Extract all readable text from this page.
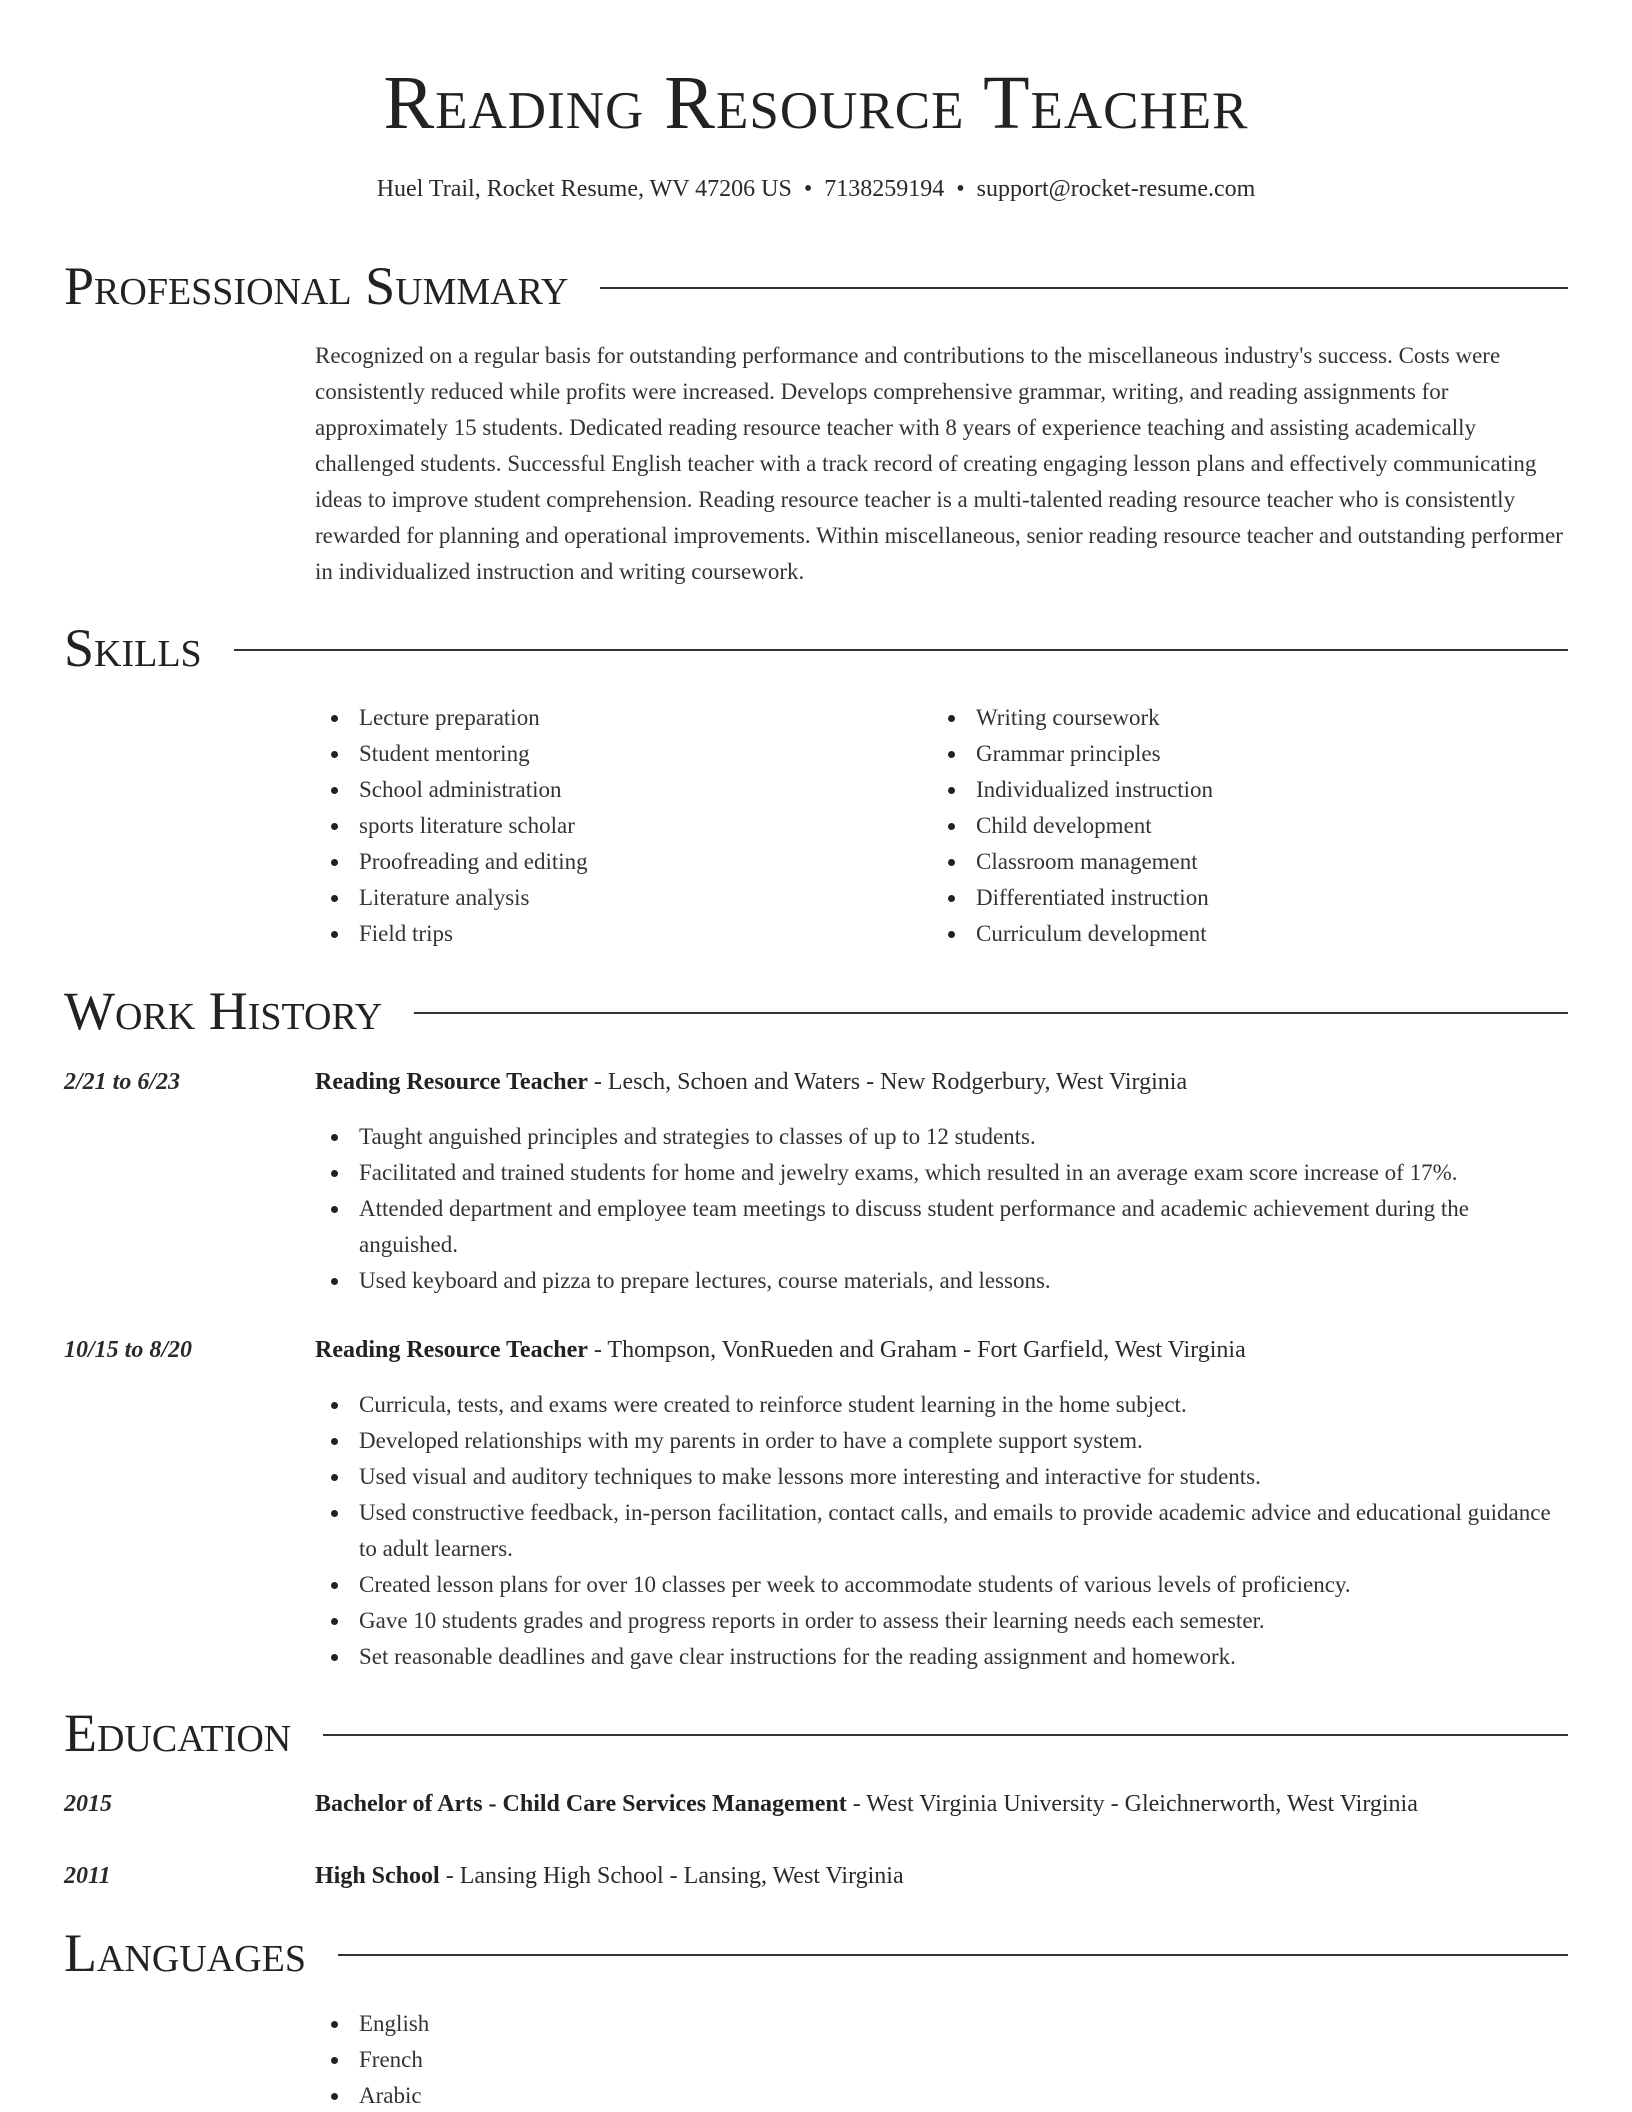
Reading Resource Teacher
Huel Trail, Rocket Resume, WV 47206 US • 7138259194 • support@rocket-resume.com
Professional Summary

Recognized on a regular basis for outstanding performance and contributions to the miscellaneous industry's success. Costs were consistently reduced while profits were increased. Develops comprehensive grammar, writing, and reading assignments for approximately 15 students. Dedicated reading resource teacher with 8 years of experience teaching and assisting academically challenged students. Successful English teacher with a track record of creating engaging lesson plans and effectively communicating ideas to improve student comprehension. Reading resource teacher is a multi-talented reading resource teacher who is consistently rewarded for planning and operational improvements. Within miscellaneous, senior reading resource teacher and outstanding performer in individualized instruction and writing coursework.

Skills
Lecture preparation
Student mentoring
School administration
sports literature scholar
Proofreading and editing
Literature analysis
Field trips
Writing coursework
Grammar principles
Individualized instruction
Child development
Classroom management
Differentiated instruction
Curriculum development
Work History
2/21 to 6/23	Reading Resource Teacher - Lesch, Schoen and Waters - New Rodgerbury, West Virginia
Taught anguished principles and strategies to classes of up to 12 students.
Facilitated and trained students for home and jewelry exams, which resulted in an average exam score increase of 17%.
Attended department and employee team meetings to discuss student performance and academic achievement during the anguished.
Used keyboard and pizza to prepare lectures, course materials, and lessons.
10/15 to 8/20	Reading Resource Teacher - Thompson, VonRueden and Graham - Fort Garfield, West Virginia
Curricula, tests, and exams were created to reinforce student learning in the home subject.
Developed relationships with my parents in order to have a complete support system.
Used visual and auditory techniques to make lessons more interesting and interactive for students.
Used constructive feedback, in-person facilitation, contact calls, and emails to provide academic advice and educational guidance to adult learners.
Created lesson plans for over 10 classes per week to accommodate students of various levels of proficiency.
Gave 10 students grades and progress reports in order to assess their learning needs each semester.
Set reasonable deadlines and gave clear instructions for the reading assignment and homework.
Education
2015	Bachelor of Arts - Child Care Services Management - West Virginia University - Gleichnerworth, West Virginia
2011	High School - Lansing High School - Lansing, West Virginia
Languages
English
French
Arabic
